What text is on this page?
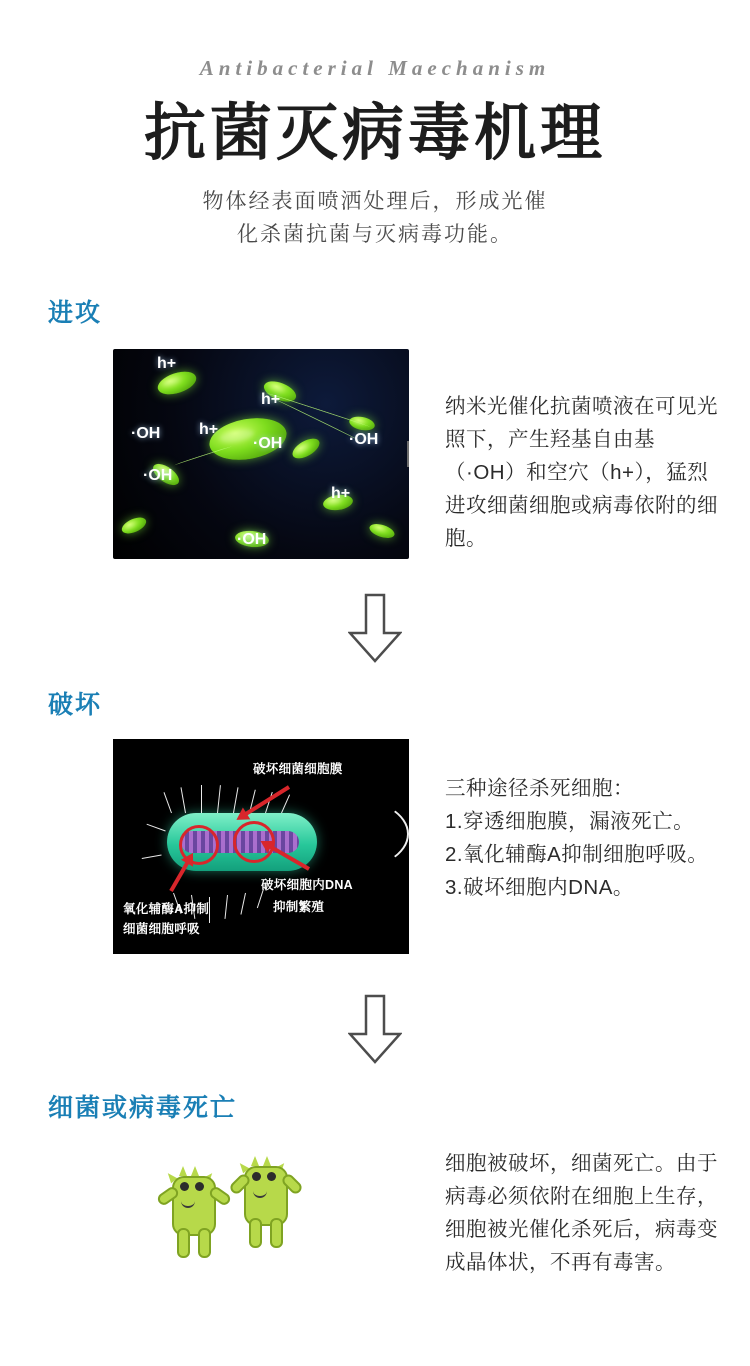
Antibacterial Maechanism
抗菌灭病毒机理
物体经表面喷洒处理后，形成光催
化杀菌抗菌与灭病毒功能。
进攻
h+
h+
h+
h+
·OH
·OH	·OH
·OH
·OH

纳米光催化抗菌喷液在可见光照下，产生羟基自由基（·OH）和空穴（h+），猛烈进攻细菌细胞或病毒依附的细胞。

破坏
破坏细菌细胞膜
破坏细胞内DNA
抑制繁殖
氧化辅酶A抑制
细菌细胞呼吸

三种途径杀死细胞：

1.穿透细胞膜，漏液死亡。

2.氧化辅酶A抑制细胞呼吸。

3.破坏细胞内DNA。

细菌或病毒死亡

细胞被破坏，细菌死亡。由于病毒必须依附在细胞上生存，细胞被光催化杀死后，病毒变成晶体状，不再有毒害。
